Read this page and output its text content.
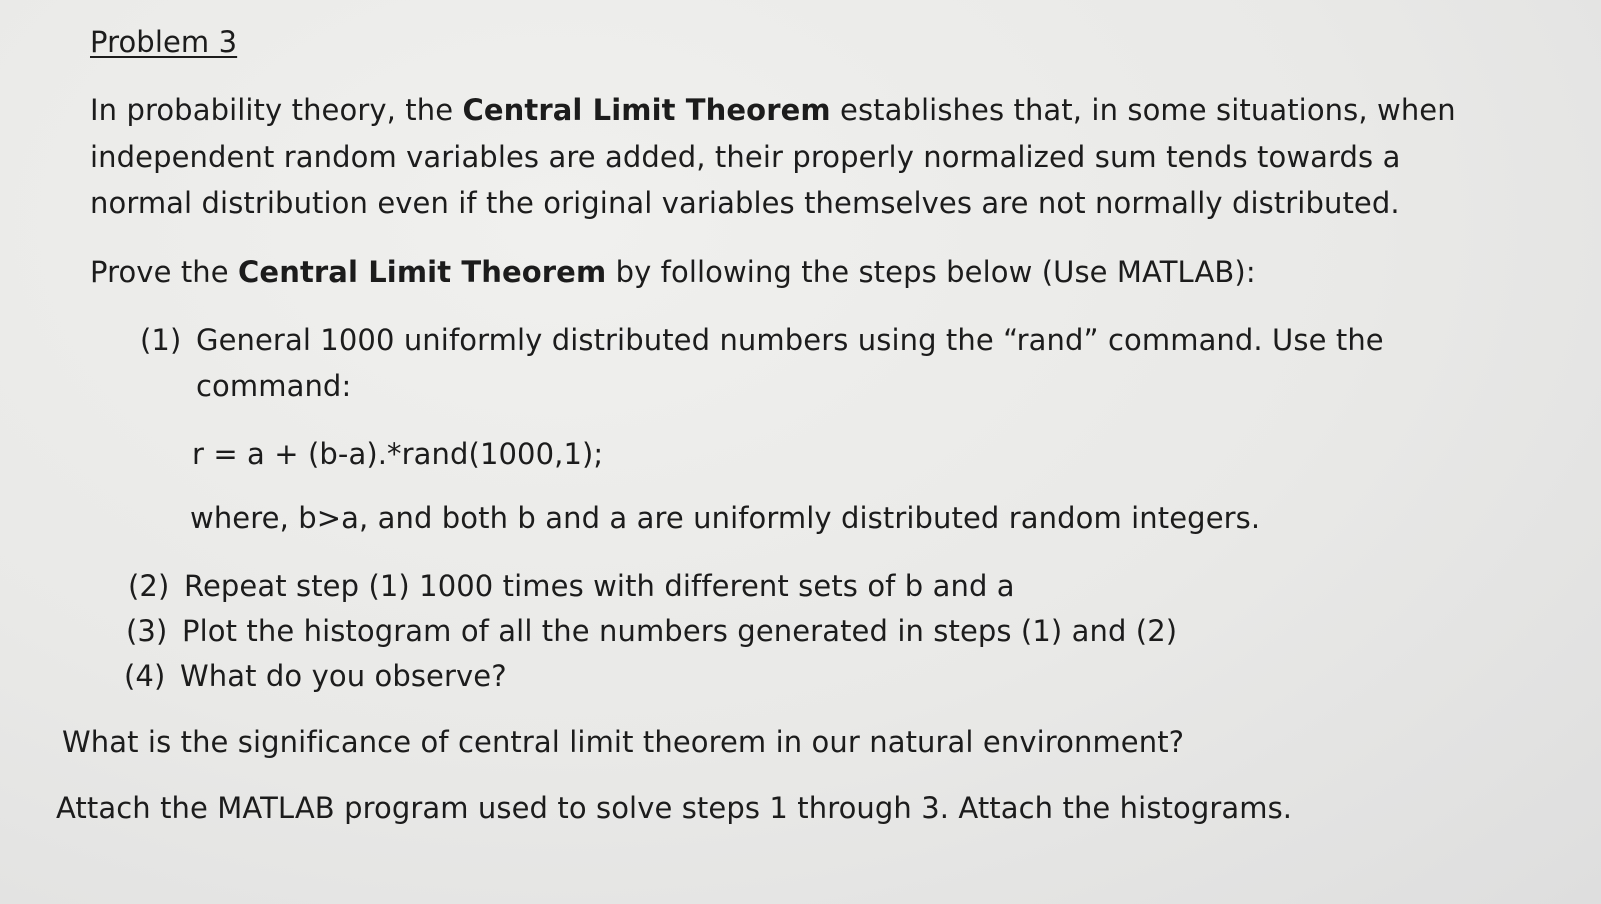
Problem 3
In probability theory, the Central Limit Theorem establishes that, in some situations, when
independent random variables are added, their properly normalized sum tends towards a
normal distribution even if the original variables themselves are not normally distributed.
Prove the Central Limit Theorem by following the steps below (Use MATLAB):
(1) General 1000 uniformly distributed numbers using the “rand” command. Use the
command:
r = a + (b-a).*rand(1000,1);
where, b>a, and both b and a are uniformly distributed random integers.
(2) Repeat step (1) 1000 times with different sets of b and a
(3) Plot the histogram of all the numbers generated in steps (1) and (2)
(4) What do you observe?
What is the significance of central limit theorem in our natural environment?
Attach the MATLAB program used to solve steps 1 through 3. Attach the histograms.
